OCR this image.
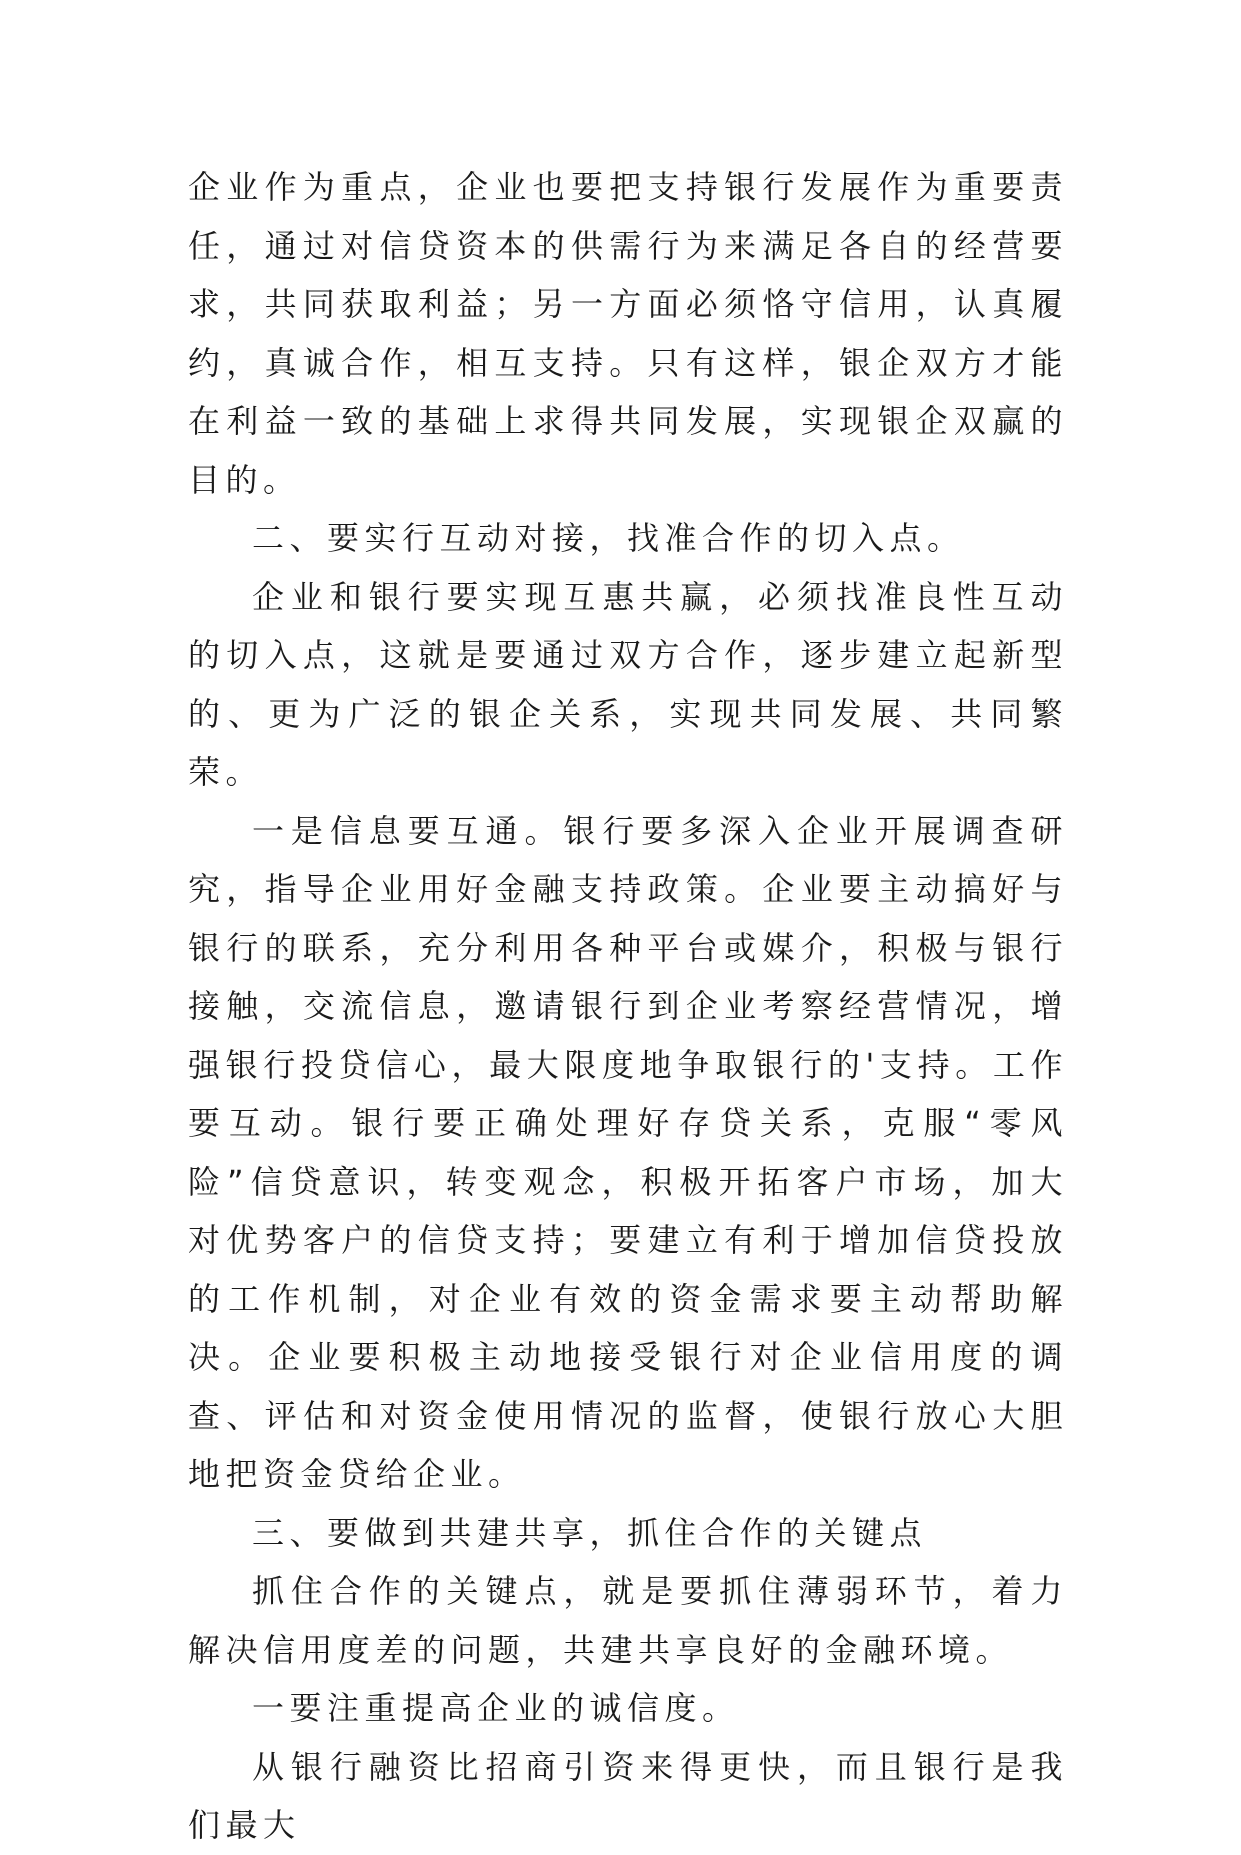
企业作为重点，企业也要把支持银行发展作为重要责任，通过对信贷资本的供需行为来满足各自的经营要求，共同获取利益；另一方面必须恪守信用，认真履约，真诚合作，相互支持。只有这样，银企双方才能在利益一致的基础上求得共同发展，实现银企双赢的目的。

二、要实行互动对接，找准合作的切入点。

企业和银行要实现互惠共赢，必须找准良性互动的切入点，这就是要通过双方合作，逐步建立起新型的、更为广泛的银企关系，实现共同发展、共同繁荣。

一是信息要互通。银行要多深入企业开展调查研究，指导企业用好金融支持政策。企业要主动搞好与银行的联系，充分利用各种平台或媒介，积极与银行接触，交流信息，邀请银行到企业考察经营情况，增强银行投贷信心，最大限度地争取银行的'支持。工作要互动。银行要正确处理好存贷关系，克服“零风险”信贷意识，转变观念，积极开拓客户市场，加大对优势客户的信贷支持；要建立有利于增加信贷投放的工作机制，对企业有效的资金需求要主动帮助解决。企业要积极主动地接受银行对企业信用度的调查、评估和对资金使用情况的监督，使银行放心大胆地把资金贷给企业。

三、要做到共建共享，抓住合作的关键点

抓住合作的关键点，就是要抓住薄弱环节，着力解决信用度差的问题，共建共享良好的金融环境。

一要注重提高企业的诚信度。

从银行融资比招商引资来得更快，而且银行是我们最大
